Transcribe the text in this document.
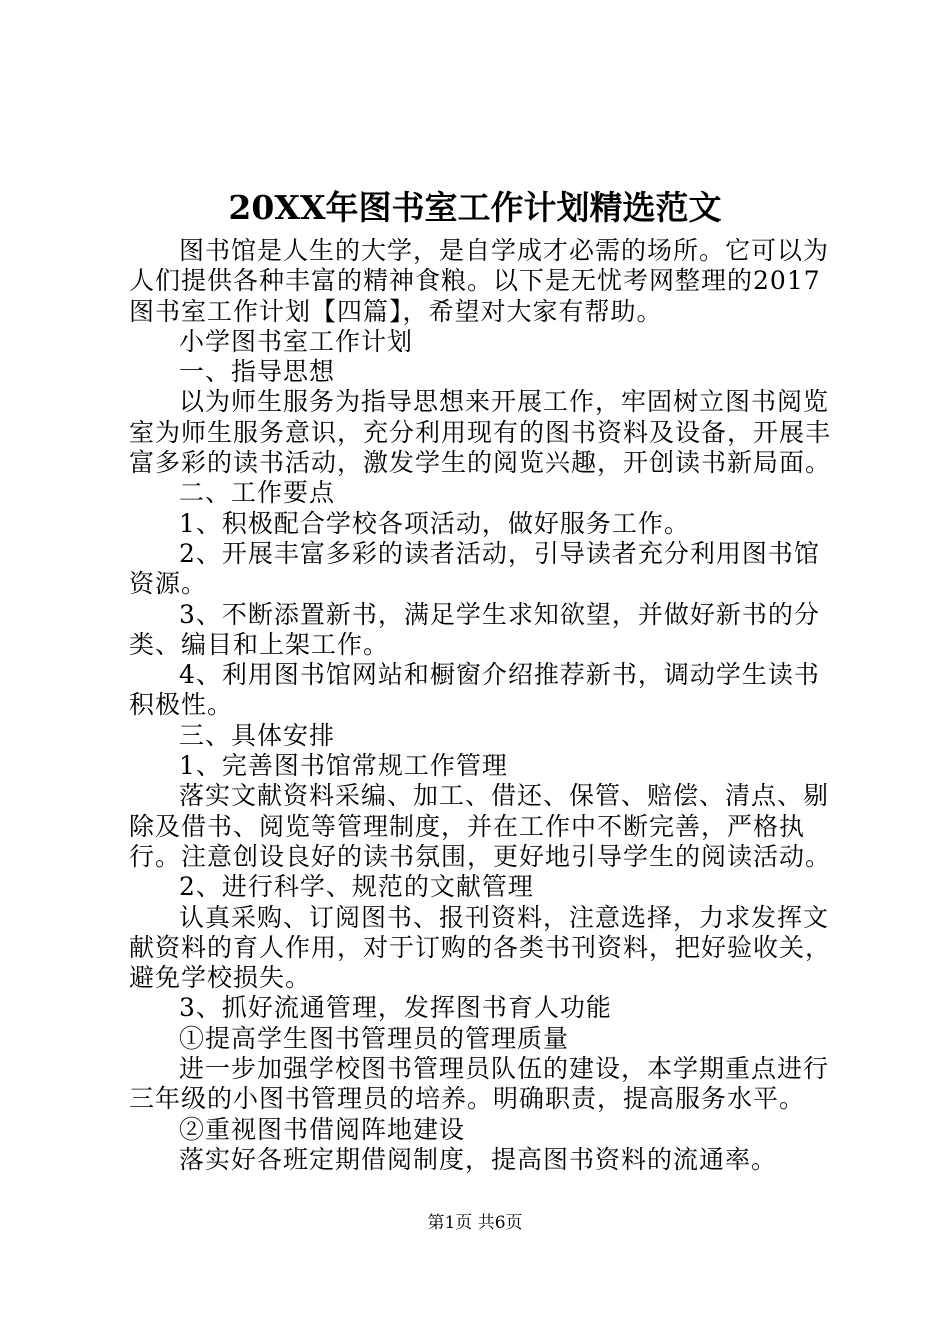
20XX年图书室工作计划精选范文

图书馆是人生的大学，是自学成才必需的场所。它可以为人们提供各种丰富的精神食粮。以下是无忧考网整理的2017图书室工作计划【四篇】，希望对大家有帮助。

小学图书室工作计划

一、指导思想

以为师生服务为指导思想来开展工作，牢固树立图书阅览室为师生服务意识，充分利用现有的图书资料及设备，开展丰富多彩的读书活动，激发学生的阅览兴趣，开创读书新局面。

二、工作要点

1、积极配合学校各项活动，做好服务工作。

2、开展丰富多彩的读者活动，引导读者充分利用图书馆资源。

3、不断添置新书，满足学生求知欲望，并做好新书的分类、编目和上架工作。

4、利用图书馆网站和橱窗介绍推荐新书，调动学生读书积极性。

三、具体安排

1、完善图书馆常规工作管理

落实文献资料采编、加工、借还、保管、赔偿、清点、剔除及借书、阅览等管理制度，并在工作中不断完善，严格执行。注意创设良好的读书氛围，更好地引导学生的阅读活动。

2、进行科学、规范的文献管理

认真采购、订阅图书、报刊资料，注意选择，力求发挥文献资料的育人作用，对于订购的各类书刊资料，把好验收关，避免学校损失。

3、抓好流通管理，发挥图书育人功能

①提高学生图书管理员的管理质量

进一步加强学校图书管理员队伍的建设，本学期重点进行三年级的小图书管理员的培养。明确职责，提高服务水平。

②重视图书借阅阵地建设

落实好各班定期借阅制度，提高图书资料的流通率。

第1页 共6页
